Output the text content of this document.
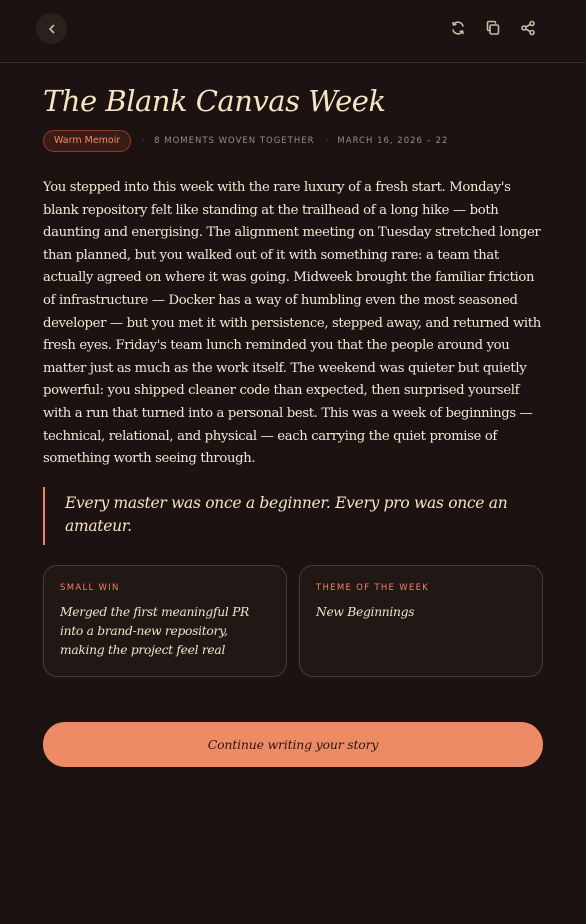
The Blank Canvas Week
Warm Memoir	· 8 MOMENTS WOVEN TOGETHER · MARCH 16, 2026 – 22

You stepped into this week with the rare luxury of a fresh start. Monday's blank repository felt like standing at the trailhead of a long hike — both daunting and energising. The alignment meeting on Tuesday stretched longer than planned, but you walked out of it with something rare: a team that actually agreed on where it was going. Midweek brought the familiar friction of infrastructure — Docker has a way of humbling even the most seasoned developer — but you met it with persistence, stepped away, and returned with fresh eyes. Friday's team lunch reminded you that the people around you matter just as much as the work itself. The weekend was quieter but quietly powerful: you shipped cleaner code than expected, then surprised yourself with a run that turned into a personal best. This was a week of beginnings — technical, relational, and physical — each carrying the quiet promise of something worth seeing through.

Every master was once a beginner. Every pro was once an amateur.

SMALL WIN
Merged the first meaningful PR into a brand-new repository, making the project feel real
THEME OF THE WEEK
New Beginnings
Continue writing your story
